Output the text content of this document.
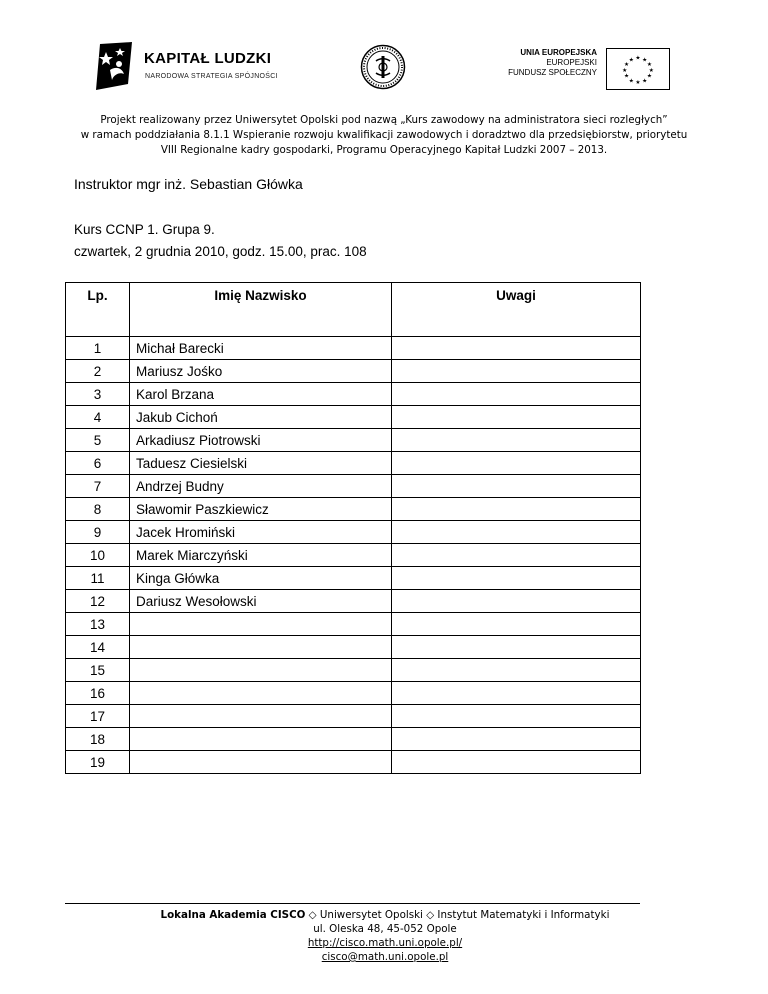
KAPITAŁ LUDZKI
NARODOWA STRATEGIA SPÓJNOŚCI
UNIA EUROPEJSKA
EUROPEJSKI
FUNDUSZ SPOŁECZNY
★ ★
★
★
★
★
★
★
★
★
★
★
Projekt realizowany przez Uniwersytet Opolski pod nazwą „Kurs zawodowy na administratora sieci rozległych”
w ramach poddziałania 8.1.1 Wspieranie rozwoju kwalifikacji zawodowych i doradztwo dla przedsiębiorstw, priorytetu
VIII Regionalne kadry gospodarki, Programu Operacyjnego Kapitał Ludzki 2007 – 2013.
Instruktor mgr inż. Sebastian Główka
Kurs CCNP 1. Grupa 9.
czwartek, 2 grudnia 2010, godz. 15.00, prac. 108
Lp.	Imię Nazwisko	Uwagi
1	Michał Barecki	
2	Mariusz Jośko	
3	Karol Brzana	
4	Jakub Cichoń	
5	Arkadiusz Piotrowski	
6	Taduesz Ciesielski	
7	Andrzej Budny	
8	Sławomir Paszkiewicz	
9	Jacek Hromiński	
10	Marek Miarczyński	
11	Kinga Główka	
12	Dariusz Wesołowski	
13		
14		
15		
16		
17		
18		
19		
Lokalna Akademia CISCO ◇ Uniwersytet Opolski ◇ Instytut Matematyki i Informatyki
ul. Oleska 48, 45-052 Opole
http://cisco.math.uni.opole.pl/
cisco@math.uni.opole.pl
